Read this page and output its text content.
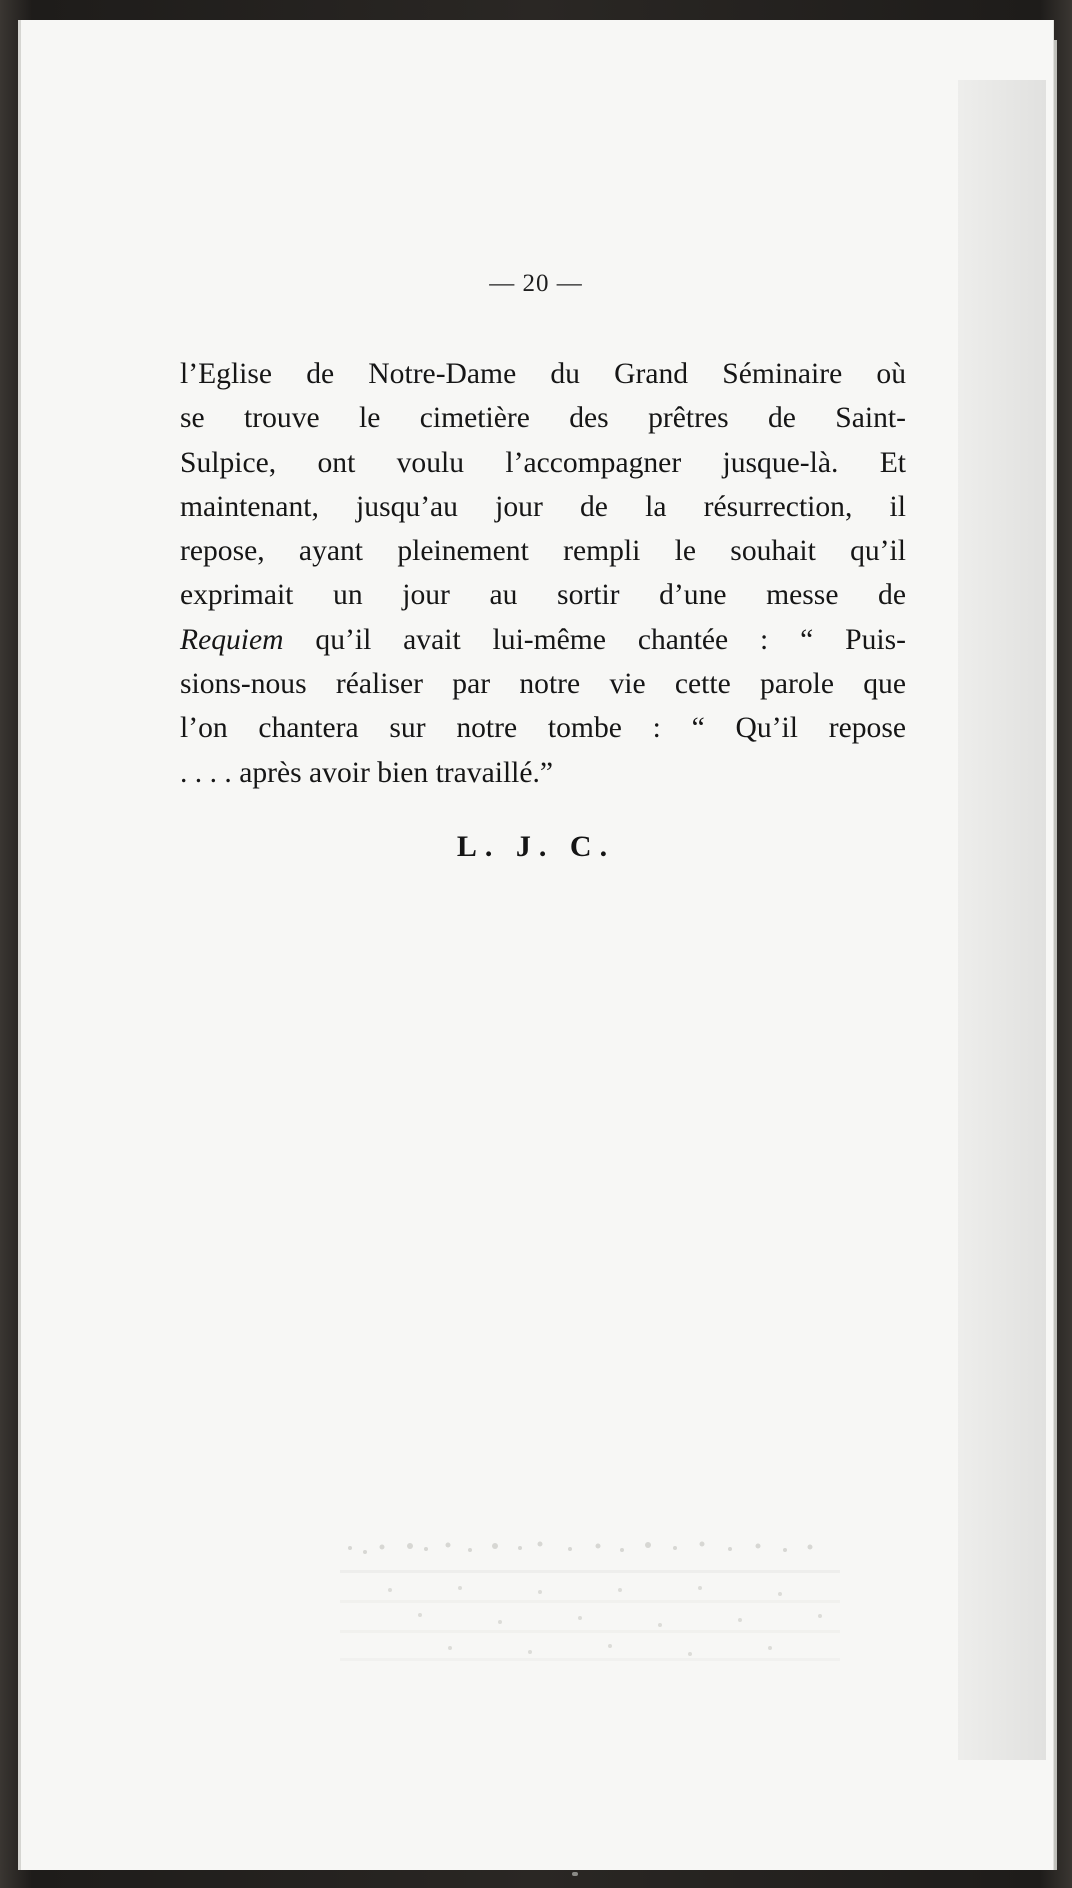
— 20 —
l’Eglise de Notre-Dame du Grand Séminaire où
se trouve le cimetière des prêtres de Saint-
Sulpice, ont voulu l’accompagner jusque-là. Et
maintenant, jusqu’au jour de la résurrection, il
repose, ayant pleinement rempli le souhait qu’il
exprimait un jour au sortir d’une messe de
Requiem qu’il avait lui-même chantée : “ Puis-
sions-nous réaliser par notre vie cette parole que
l’on chantera sur notre tombe : “ Qu’il repose
. . . . après avoir bien travaillé.”
L. J. C.
